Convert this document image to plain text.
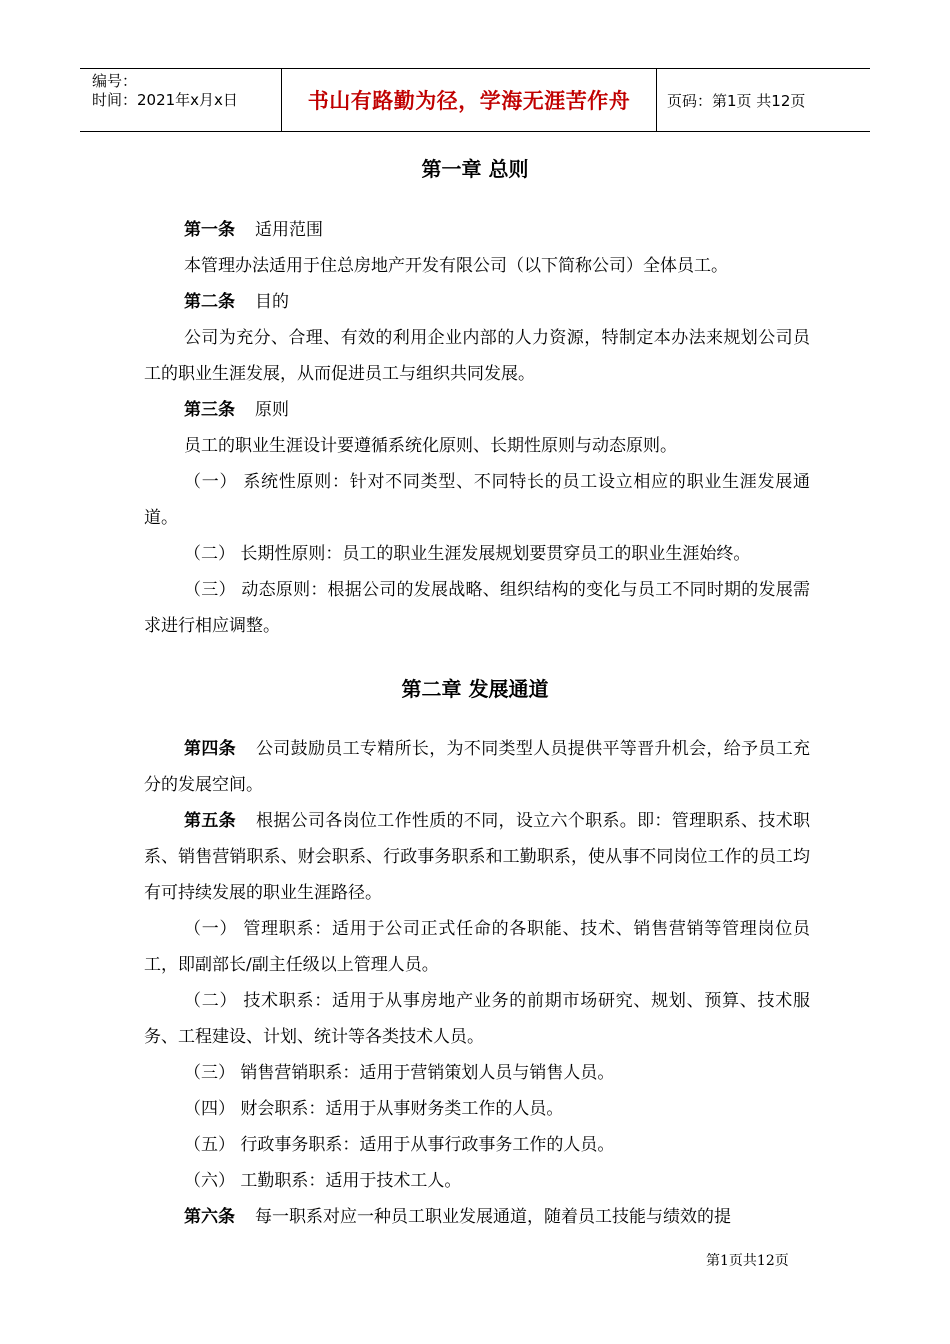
编号：
时间：2021年x月x日	书山有路勤为径，学海无涯苦作舟	页码：第1页 共12页
第一章 总则

第一条 适用范围

本管理办法适用于住总房地产开发有限公司（以下简称公司）全体员工。

第二条 目的

公司为充分、合理、有效的利用企业内部的人力资源，特制定本办法来规划公司员工的职业生涯发展，从而促进员工与组织共同发展。

第三条 原则

员工的职业生涯设计要遵循系统化原则、长期性原则与动态原则。

（一） 系统性原则：针对不同类型、不同特长的员工设立相应的职业生涯发展通道。

（二） 长期性原则：员工的职业生涯发展规划要贯穿员工的职业生涯始终。

（三） 动态原则：根据公司的发展战略、组织结构的变化与员工不同时期的发展需求进行相应调整。

第二章 发展通道

第四条 公司鼓励员工专精所长，为不同类型人员提供平等晋升机会，给予员工充分的发展空间。

第五条 根据公司各岗位工作性质的不同，设立六个职系。即：管理职系、技术职系、销售营销职系、财会职系、行政事务职系和工勤职系，使从事不同岗位工作的员工均有可持续发展的职业生涯路径。

（一） 管理职系：适用于公司正式任命的各职能、技术、销售营销等管理岗位员工，即副部长/副主任级以上管理人员。

（二） 技术职系：适用于从事房地产业务的前期市场研究、规划、预算、技术服务、工程建设、计划、统计等各类技术人员。

（三） 销售营销职系：适用于营销策划人员与销售人员。

（四） 财会职系：适用于从事财务类工作的人员。

（五） 行政事务职系：适用于从事行政事务工作的人员。

（六） 工勤职系：适用于技术工人。

第六条 每一职系对应一种员工职业发展通道，随着员工技能与绩效的提

第1页共12页
